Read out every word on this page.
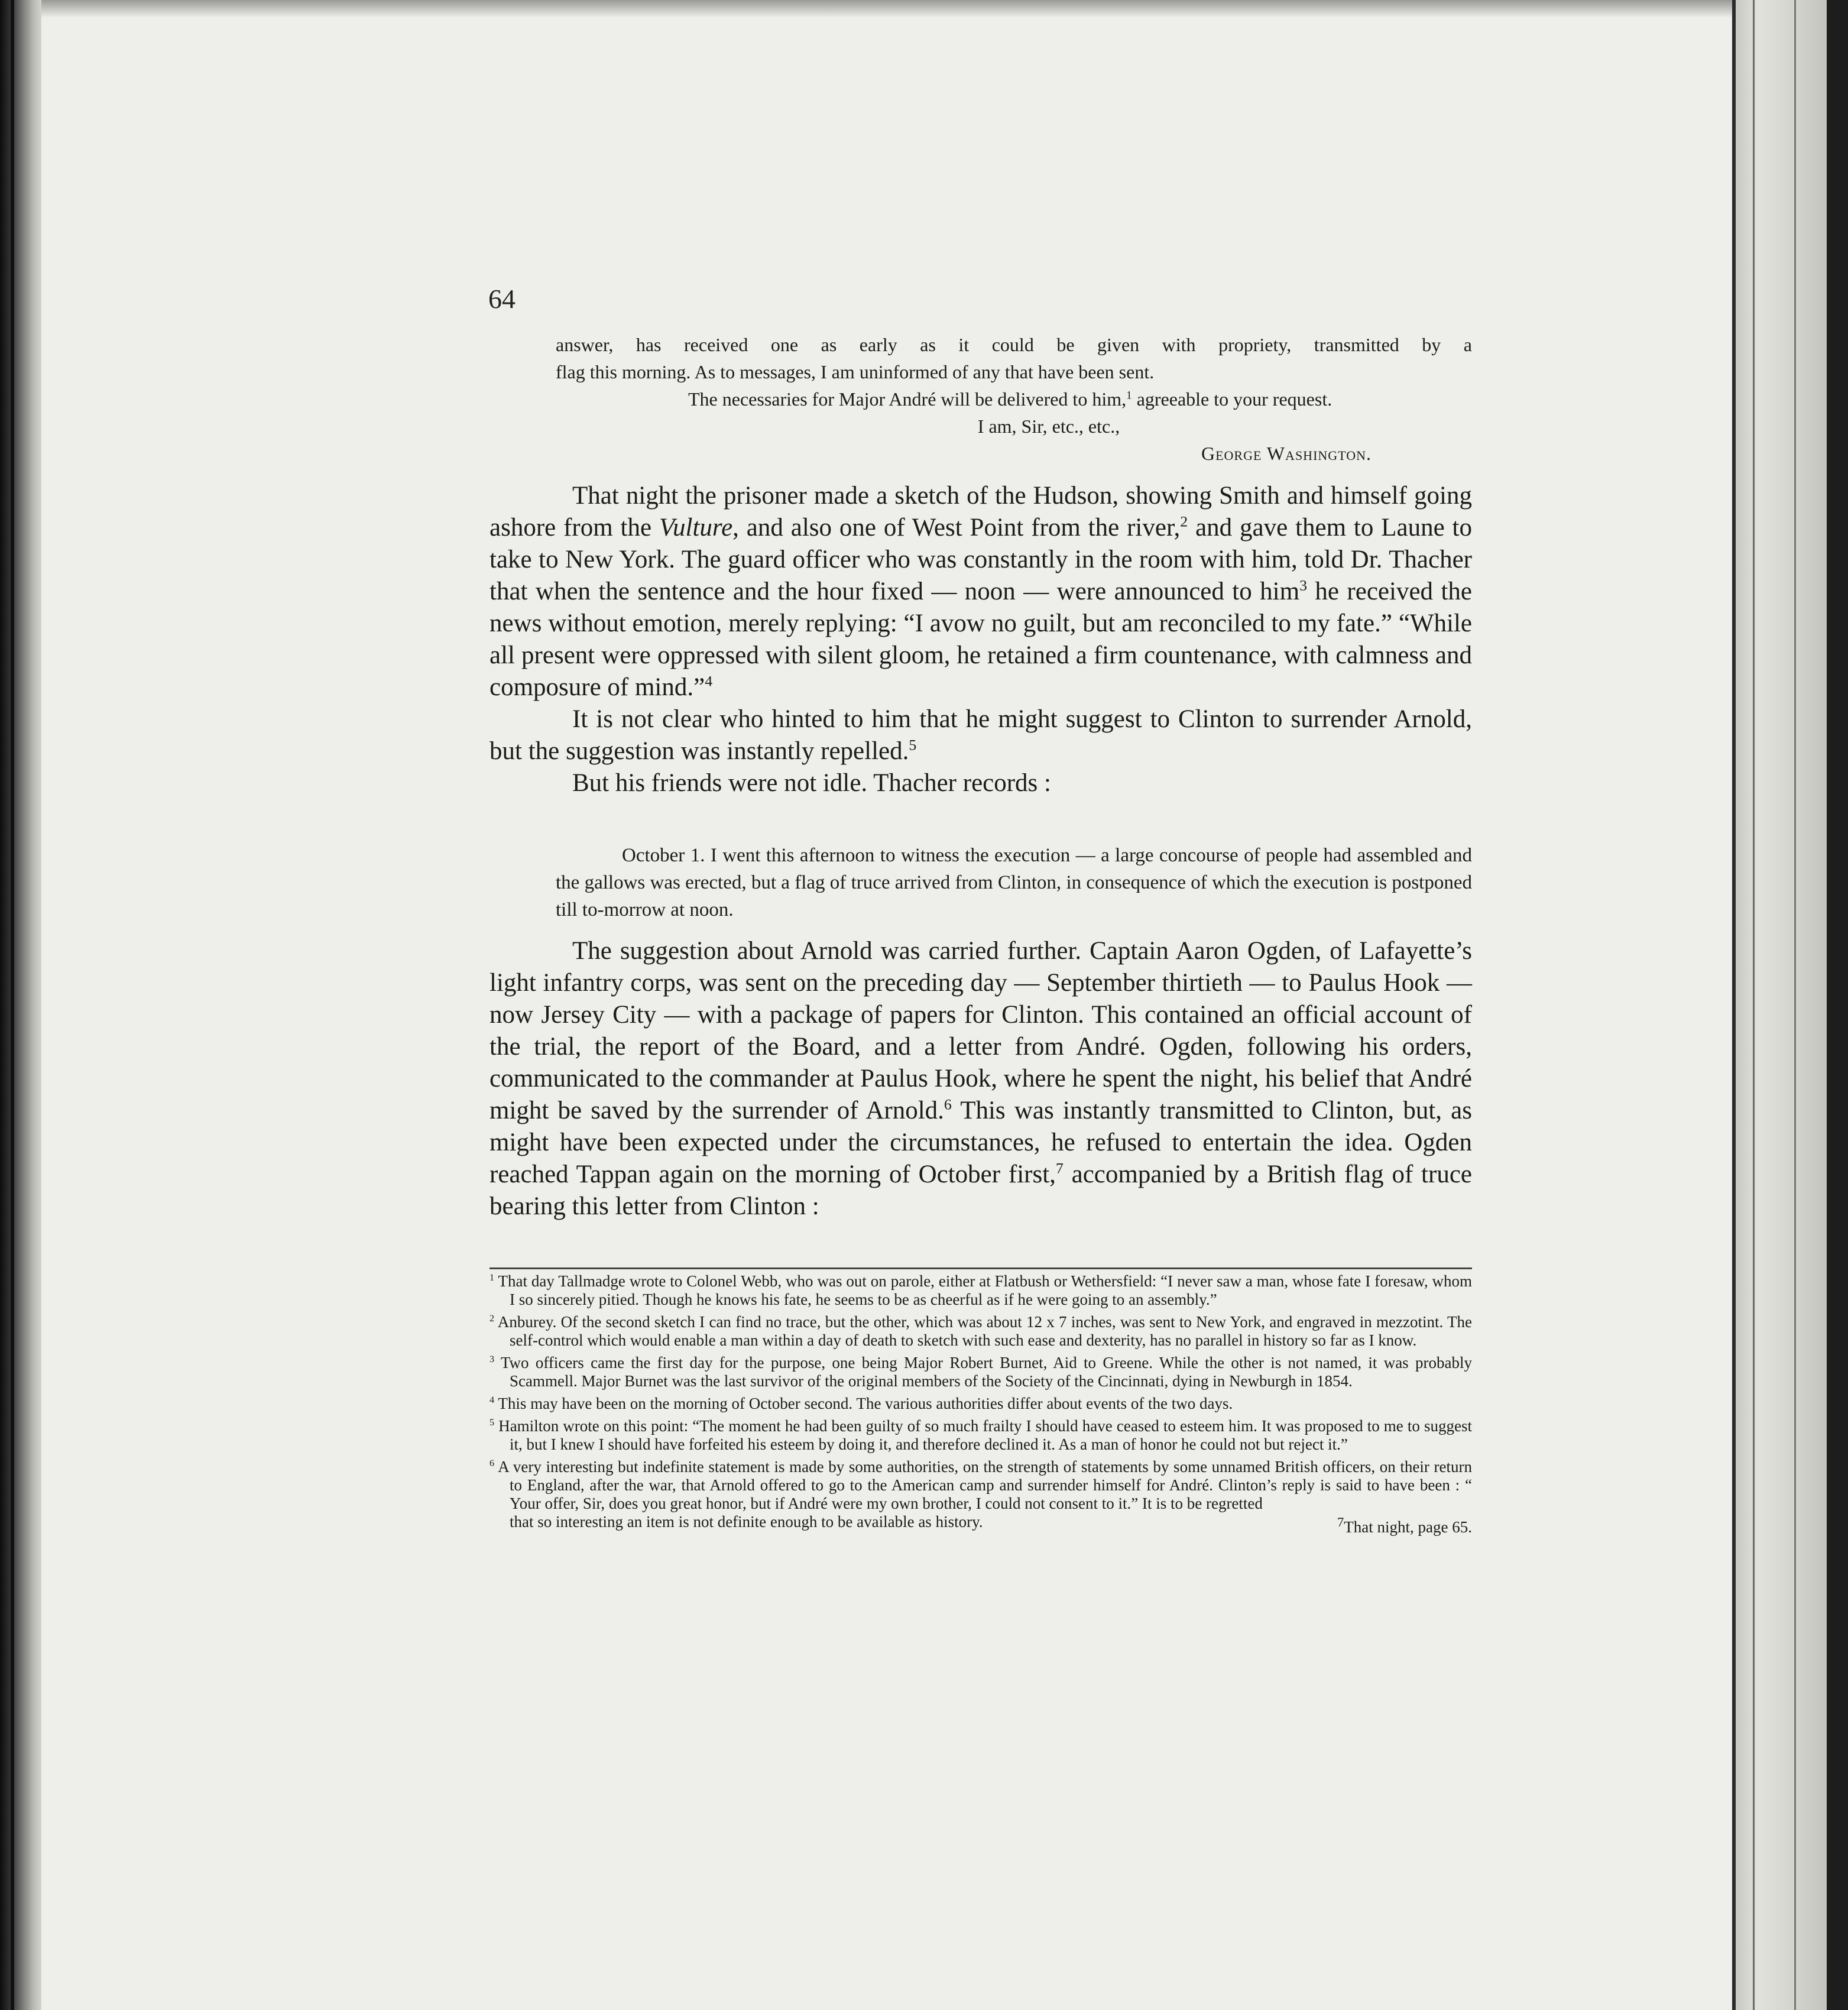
64

answer, has received one as early as it could be given with propriety, transmitted by a

flag this morning. As to messages, I am uninformed of any that have been sent.

The necessaries for Major André will be delivered to him,$^1$ agreeable to your request.

I am, Sir, etc., etc.,

George Washington.

That night the prisoner made a sketch of the Hudson, showing Smith and himself going ashore from the Vulture, and also one of West Point from the river,$^2$ and gave them to Laune to take to New York. The guard officer who was constantly in the room with him, told Dr. Thacher that when the sentence and the hour fixed — noon — were announced to him$^3$ he received the news without emotion, merely replying: “I avow no guilt, but am reconciled to my fate.” “While all present were oppressed with silent gloom, he retained a firm countenance, with calmness and composure of mind.”$^4$

It is not clear who hinted to him that he might suggest to Clinton to surrender Arnold, but the suggestion was instantly repelled.$^5$

But his friends were not idle. Thacher records :

October 1. I went this afternoon to witness the execution — a large concourse of people had assembled and the gallows was erected, but a flag of truce arrived from Clinton, in consequence of which the execution is postponed till to-morrow at noon.

The suggestion about Arnold was carried further. Captain Aaron Ogden, of Lafayette’s light infantry corps, was sent on the preceding day — September thirtieth — to Paulus Hook — now Jersey City — with a package of papers for Clinton. This contained an official account of the trial, the report of the Board, and a letter from André. Ogden, following his orders, communicated to the commander at Paulus Hook, where he spent the night, his belief that André might be saved by the surrender of Arnold.$^6$ This was instantly transmitted to Clinton, but, as might have been expected under the circumstances, he refused to entertain the idea. Ogden reached Tappan again on the morning of October first,$^7$ accompanied by a British flag of truce bearing this letter from Clinton :

$^1$ That day Tallmadge wrote to Colonel Webb, who was out on parole, either at Flatbush or Wethersfield: “I never saw a man, whose fate I foresaw, whom I so sincerely pitied. Though he knows his fate, he seems to be as cheerful as if he were going to an assembly.”

$^2$ Anburey. Of the second sketch I can find no trace, but the other, which was about 12 x 7 inches, was sent to New York, and engraved in mezzotint. The self-control which would enable a man within a day of death to sketch with such ease and dexterity, has no parallel in history so far as I know.

$^3$ Two officers came the first day for the purpose, one being Major Robert Burnet, Aid to Greene. While the other is not named, it was probably Scammell. Major Burnet was the last survivor of the original members of the Society of the Cincinnati, dying in Newburgh in 1854.

$^4$ This may have been on the morning of October second. The various authorities differ about events of the two days.

$^5$ Hamilton wrote on this point: “The moment he had been guilty of so much frailty I should have ceased to esteem him. It was proposed to me to suggest it, but I knew I should have forfeited his esteem by doing it, and therefore declined it. As a man of honor he could not but reject it.”

$^6$ A very interesting but indefinite statement is made by some authorities, on the strength of statements by some unnamed British officers, on their return to England, after the war, that Arnold offered to go to the American camp and surrender himself for André. Clinton’s reply is said to have been : “ Your offer, Sir, does you great honor, but if André were my own brother, I could not consent to it.” It is to be regretted

that so interesting an item is not definite enough to be available as history.	$^7$That night, page 65.
